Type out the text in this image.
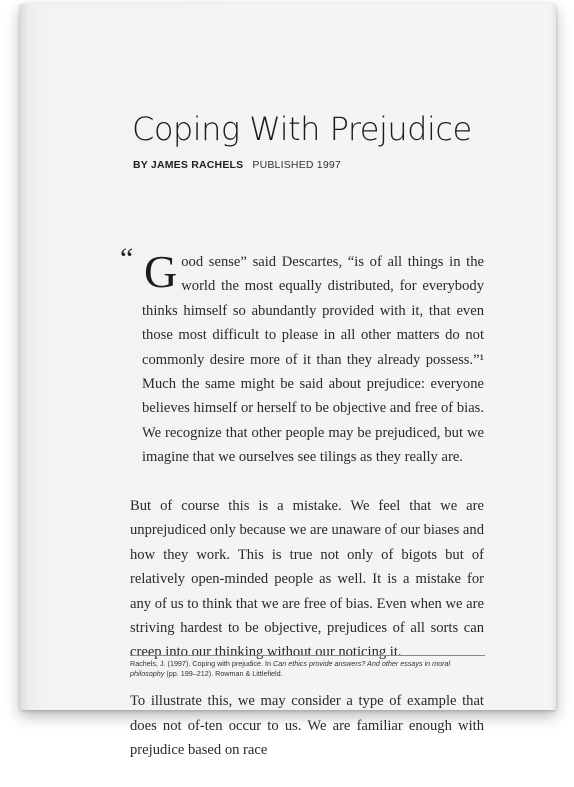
Coping With Prejudice
BY JAMES RACHELS PUBLISHED 1997

“ G ood sense” said Descartes, “is of all things in the world the most equally distributed, for everybody thinks himself so abundantly provided with it, that even those most difficult to please in all other matters do not commonly desire more of it than they already possess.”¹ Much the same might be said about prejudice: everyone believes himself or herself to be objective and free of bias. We recognize that other people may be prejudiced, but we imagine that we ourselves see tilings as they really are.

But of course this is a mistake. We feel that we are unprejudiced only because we are unaware of our biases and how they work. This is true not only of bigots but of relatively open-minded people as well. It is a mistake for any of us to think that we are free of bias. Even when we are striving hardest to be objective, prejudices of all sorts can creep into our thinking without our noticing it.

To illustrate this, we may consider a type of example that does not of-ten occur to us. We are familiar enough with prejudice based on race

Rachels, J. (1997). Coping with prejudice. In Can ethics provide answers? And other essays in moral philosophy (pp. 199–212). Rowman & Littlefield.
